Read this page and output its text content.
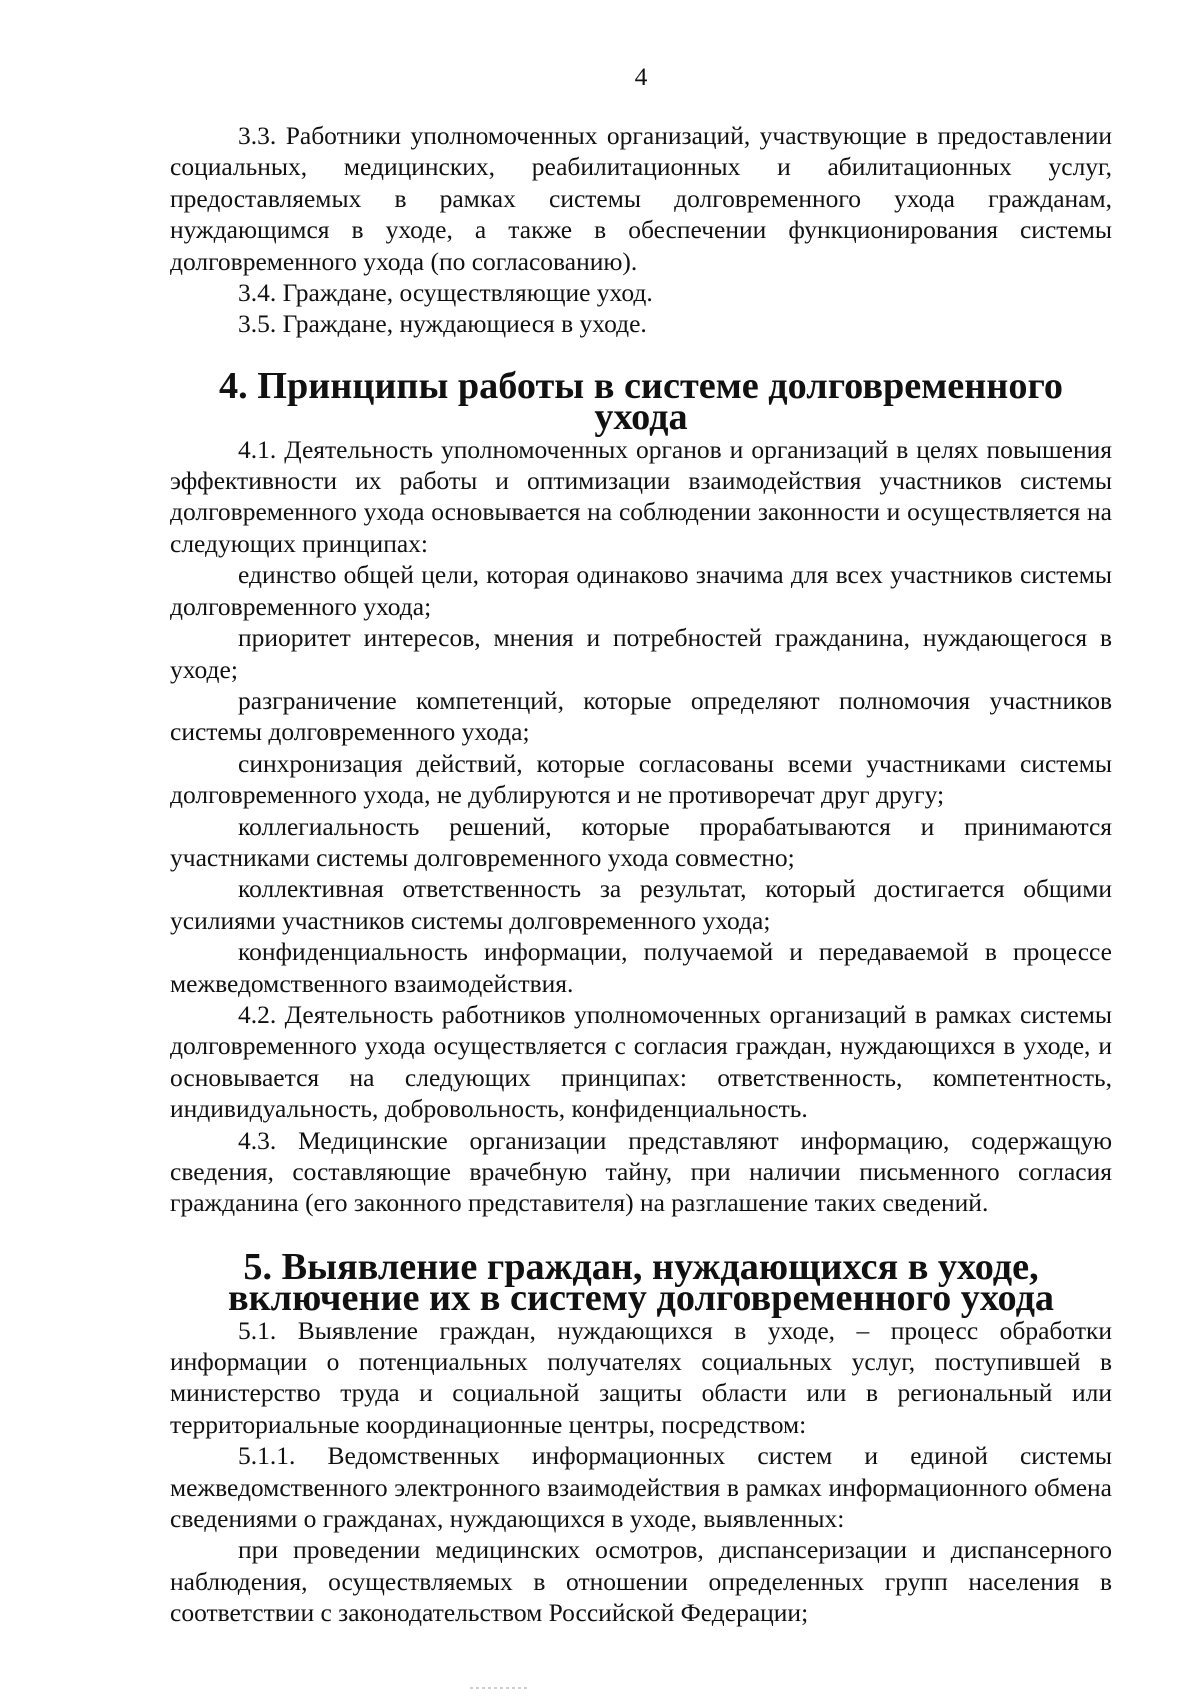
4

3.3. Работники уполномоченных организаций, участвующие в предоставлении социальных, медицинских, реабилитационных и абилитационных услуг, предоставляемых в рамках системы долговременного ухода гражданам, нуждающимся в уходе, а также в обеспечении функционирования системы долговременного ухода (по согласованию).

3.4. Граждане, осуществляющие уход.

3.5. Граждане, нуждающиеся в уходе.

4. Принципы работы в системе долговременного ухода

4.1. Деятельность уполномоченных органов и организаций в целях повышения эффективности их работы и оптимизации взаимодействия участников системы долговременного ухода основывается на соблюдении законности и осуществляется на следующих принципах:

единство общей цели, которая одинаково значима для всех участников системы долговременного ухода;

приоритет интересов, мнения и потребностей гражданина, нуждающегося в уходе;

разграничение компетенций, которые определяют полномочия участников системы долговременного ухода;

синхронизация действий, которые согласованы всеми участниками системы долговременного ухода, не дублируются и не противоречат друг другу;

коллегиальность решений, которые прорабатываются и принимаются участниками системы долговременного ухода совместно;

коллективная ответственность за результат, который достигается общими усилиями участников системы долговременного ухода;

конфиденциальность информации, получаемой и передаваемой в процессе межведомственного взаимодействия.

4.2. Деятельность работников уполномоченных организаций в рамках системы долговременного ухода осуществляется с согласия граждан, нуждающихся в уходе, и основывается на следующих принципах: ответственность, компетентность, индивидуальность, добровольность, конфиденциальность.

4.3. Медицинские организации представляют информацию, содержащую сведения, составляющие врачебную тайну, при наличии письменного согласия гражданина (его законного представителя) на разглашение таких сведений.

5. Выявление граждан, нуждающихся в уходе,
включение их в систему долговременного ухода

5.1. Выявление граждан, нуждающихся в уходе, – процесс обработки информации о потенциальных получателях социальных услуг, поступившей в министерство труда и социальной защиты области или в региональный или территориальные координационные центры, посредством:

5.1.1. Ведомственных информационных систем и единой системы межведомственного электронного взаимодействия в рамках информационного обмена сведениями о гражданах, нуждающихся в уходе, выявленных:

при проведении медицинских осмотров, диспансеризации и диспансерного наблюдения, осуществляемых в отношении определенных групп населения в соответствии с законодательством Российской Федерации;
